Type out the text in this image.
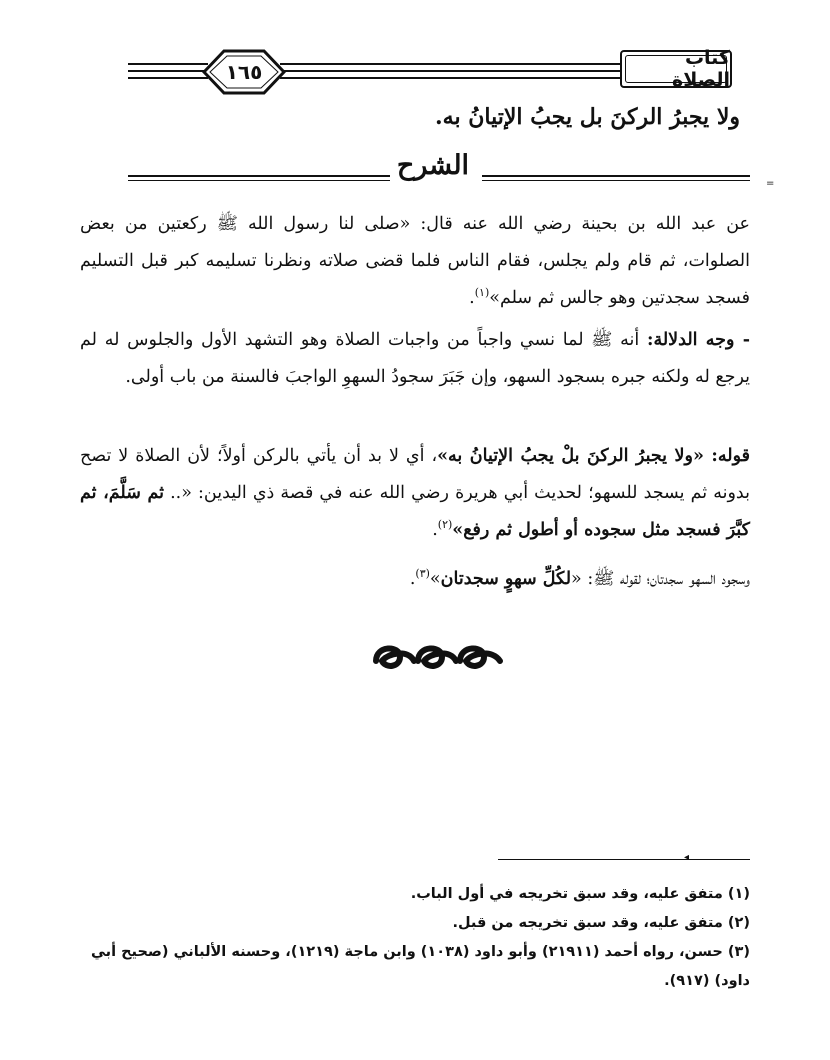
١٦٥
كتاب الصلاة
ولا يجبرُ الركنَ بل يجبُ الإتيانُ به.
الشرح
=
عن عبد الله بن بحينة رضي الله عنه قال: «صلى لنا رسول الله ﷺ ركعتين من بعض الصلوات، ثم قام ولم يجلس، فقام الناس فلما قضى صلاته ونظرنا تسليمه كبر قبل التسليم فسجد سجدتين وهو جالس ثم سلم»$^{(١)}$.
- وجه الدلالة: أنه ﷺ لما نسي واجباً من واجبات الصلاة وهو التشهد الأول والجلوس له لم يرجع له ولكنه جبره بسجود السهو، وإن جَبَرَ سجودُ السهوِ الواجبَ فالسنة من باب أولى.
قوله: «ولا يجبرُ الركنَ بلْ يجبُ الإتيانُ به»، أي لا بد أن يأتي بالركن أولاً؛ لأن الصلاة لا تصح بدونه ثم يسجد للسهو؛ لحديث أبي هريرة رضي الله عنه في قصة ذي اليدين: «.. ثم سَلَّمَ، ثم كبَّرَ فسجد مثل سجوده أو أطول ثم رفع»$^{(٢)}$.
وسجود السهو سجدتان؛ لقوله ﷺ: «لكُلِّ سهوٍ سجدتان»$^{(٣)}$.
◂
(١) متفق عليه، وقد سبق تخريجه في أول الباب.
(٢) متفق عليه، وقد سبق تخريجه من قبل.
(٣) حسن، رواه أحمد (٢١٩١١) وأبو داود (١٠٣٨) وابن ماجة (١٢١٩)، وحسنه الألباني (صحيح أبي داود) (٩١٧).
